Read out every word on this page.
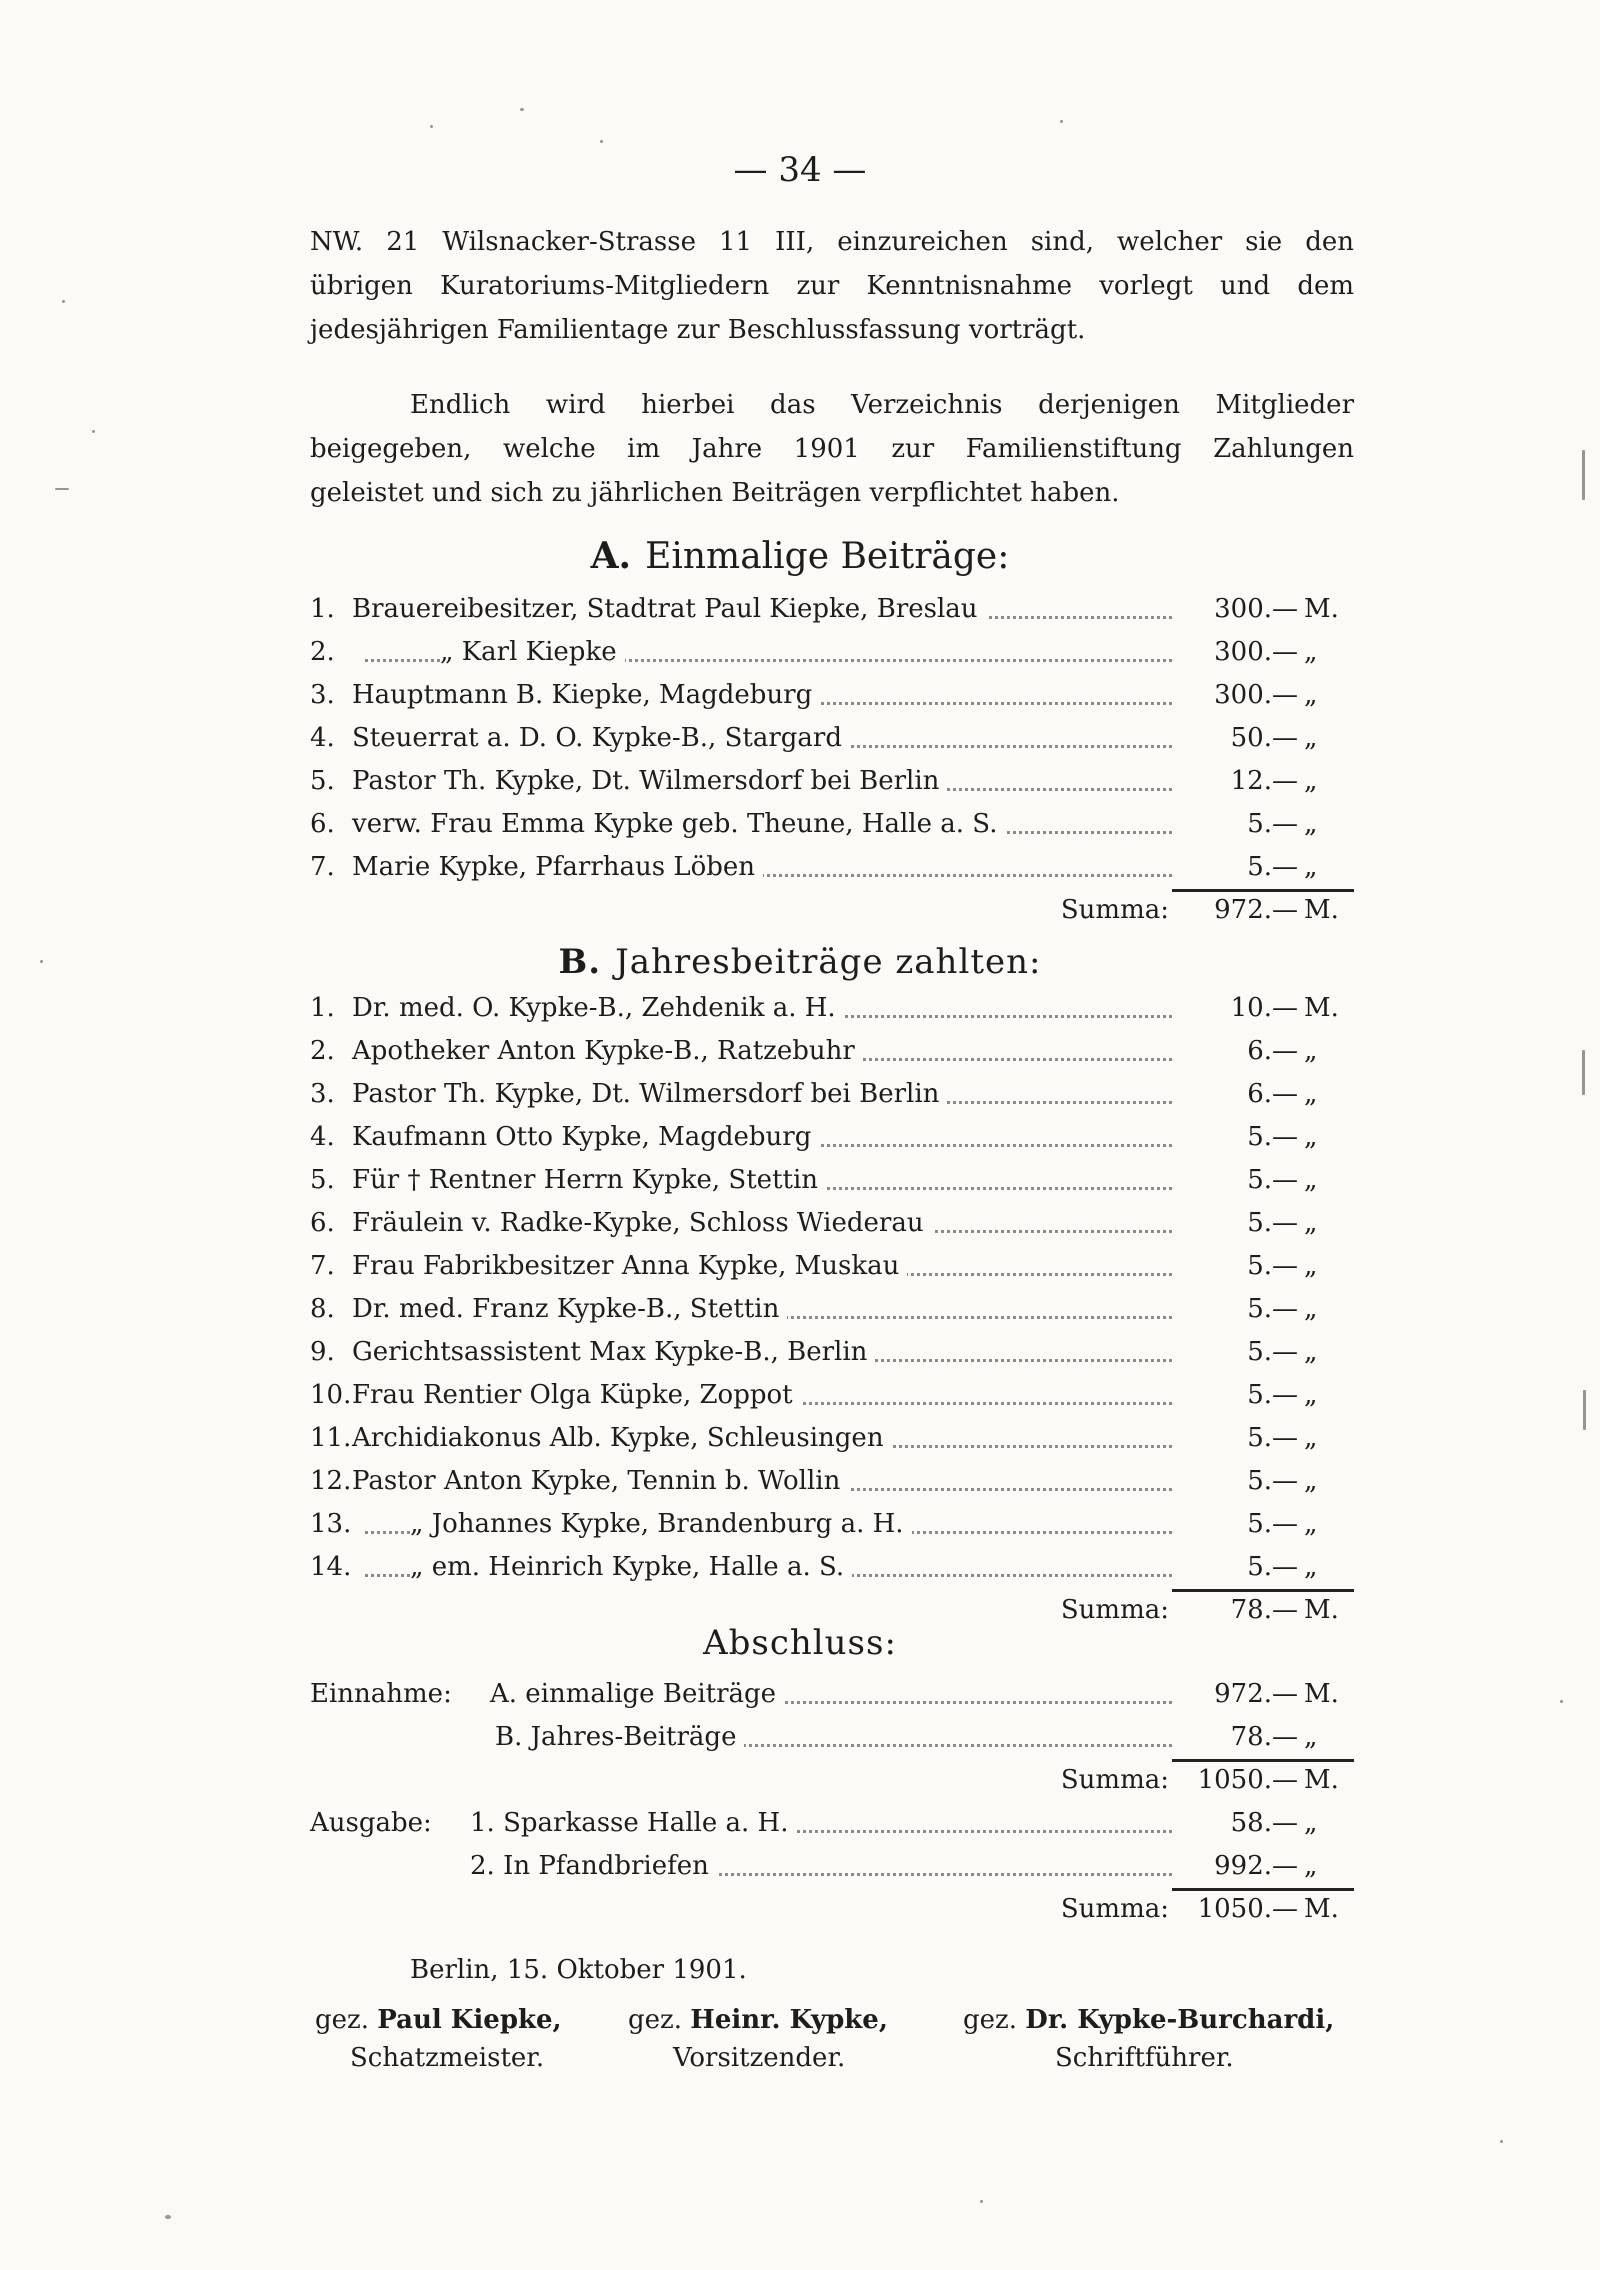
— 34 —
NW. 21 Wilsnacker-Strasse 11 III, einzureichen sind, welcher sie den
übrigen Kuratoriums-Mitgliedern zur Kenntnisnahme vorlegt und dem
jedesjährigen Familientage zur Beschlussfassung vorträgt.
Endlich wird hierbei das Verzeichnis derjenigen Mitglieder
beigegeben, welche im Jahre 1901 zur Familienstiftung Zahlungen
geleistet und sich zu jährlichen Beiträgen verpflichtet haben.
A. Einmalige Beiträge:
1. Brauereibesitzer, Stadtrat Paul Kiepke, Breslau	300.— M.
2.	„ Karl Kiepke	300.— „
3. Hauptmann B. Kiepke, Magdeburg	300.— „
4. Steuerrat a. D. O. Kypke-B., Stargard	50.— „
5. Pastor Th. Kypke, Dt. Wilmersdorf bei Berlin	12.— „
6. verw. Frau Emma Kypke geb. Theune, Halle a. S.	5.— „
7. Marie Kypke, Pfarrhaus Löben	5.— „
Summa:	972.— M.
B. Jahresbeiträge zahlten:
1. Dr. med. O. Kypke-B., Zehdenik a. H.	10.— M.
2. Apotheker Anton Kypke-B., Ratzebuhr	6.— „
3. Pastor Th. Kypke, Dt. Wilmersdorf bei Berlin	6.— „
4. Kaufmann Otto Kypke, Magdeburg	5.— „
5. Für † Rentner Herrn Kypke, Stettin	5.— „
6. Fräulein v. Radke-Kypke, Schloss Wiederau	5.— „
7. Frau Fabrikbesitzer Anna Kypke, Muskau	5.— „
8. Dr. med. Franz Kypke-B., Stettin	5.— „
9. Gerichtsassistent Max Kypke-B., Berlin	5.— „
10. Frau Rentier Olga Küpke, Zoppot	5.— „
11. Archidiakonus Alb. Kypke, Schleusingen	5.— „
12. Pastor Anton Kypke, Tennin b. Wollin	5.— „
13.	„ Johannes Kypke, Brandenburg a. H.	5.— „
14.	„ em. Heinrich Kypke, Halle a. S.	5.— „
Summa:	78.— M.
Abschluss:
Einnahme:	A. einmalige Beiträge	972.— M.
B. Jahres-Beiträge	78.— „
Summa:	1050.— M.
Ausgabe:	1. Sparkasse Halle a. H.	58.— „
2. In Pfandbriefen	992.— „
Summa:	1050.— M.
Berlin, 15. Oktober 1901.
gez. Paul Kiepke,
Schatzmeister.
gez. Heinr. Kypke,
Vorsitzender.
gez. Dr. Kypke-Burchardi,
Schriftführer.
